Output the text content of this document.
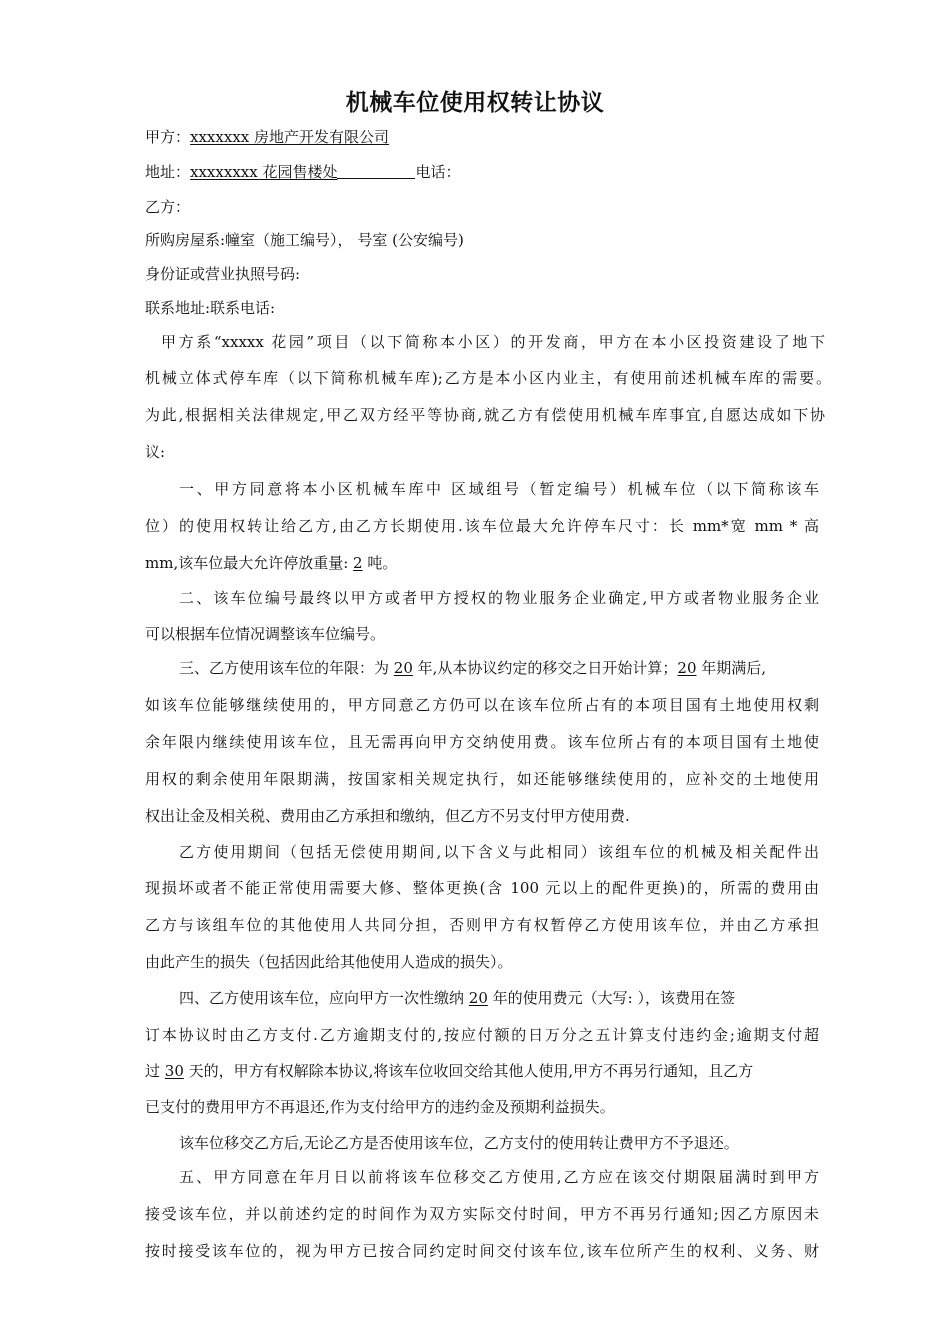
机械车位使用权转让协议
甲方：xxxxxxx 房地产开发有限公司
地址：xxxxxxxx 花园售楼处	电话：
乙方：
所购房屋系:幢室（施工编号）， 号室 (公安编号)
身份证或营业执照号码:
联系地址:联系电话:
甲方系“xxxxx 花园”项目（以下简称本小区）的开发商，甲方在本小区投资建设了地下
机械立体式停车库（以下简称机械车库);乙方是本小区内业主，有使用前述机械车库的需要。
为此,根据相关法律规定,甲乙双方经平等协商,就乙方有偿使用机械车库事宜,自愿达成如下协
议:
一、甲方同意将本小区机械车库中 区域组号（暂定编号）机械车位（以下简称该车
位）的使用权转让给乙方,由乙方长期使用.该车位最大允许停车尺寸：长 mm*宽 mm * 高
mm,该车位最大允许停放重量: 2 吨。
二、该车位编号最终以甲方或者甲方授权的物业服务企业确定,甲方或者物业服务企业
可以根据车位情况调整该车位编号。
三、乙方使用该车位的年限：为 20 年,从本协议约定的移交之日开始计算；20 年期满后,
如该车位能够继续使用的，甲方同意乙方仍可以在该车位所占有的本项目国有土地使用权剩
余年限内继续使用该车位，且无需再向甲方交纳使用费。该车位所占有的本项目国有土地使
用权的剩余使用年限期满，按国家相关规定执行，如还能够继续使用的，应补交的土地使用
权出让金及相关税、费用由乙方承担和缴纳，但乙方不另支付甲方使用费.
乙方使用期间（包括无偿使用期间,以下含义与此相同）该组车位的机械及相关配件出
现损坏或者不能正常使用需要大修、整体更换(含 100 元以上的配件更换)的，所需的费用由
乙方与该组车位的其他使用人共同分担，否则甲方有权暂停乙方使用该车位，并由乙方承担
由此产生的损失（包括因此给其他使用人造成的损失）。
四、乙方使用该车位，应向甲方一次性缴纳 20 年的使用费元（大写: ），该费用在签
订本协议时由乙方支付.乙方逾期支付的,按应付额的日万分之五计算支付违约金;逾期支付超
过 30 天的，甲方有权解除本协议,将该车位收回交给其他人使用,甲方不再另行通知，且乙方
已支付的费用甲方不再退还,作为支付给甲方的违约金及预期利益损失。
该车位移交乙方后,无论乙方是否使用该车位，乙方支付的使用转让费甲方不予退还。
五、甲方同意在年月日以前将该车位移交乙方使用,乙方应在该交付期限届满时到甲方
接受该车位，并以前述约定的时间作为双方实际交付时间，甲方不再另行通知;因乙方原因未
按时接受该车位的，视为甲方已按合同约定时间交付该车位,该车位所产生的权利、义务、财
